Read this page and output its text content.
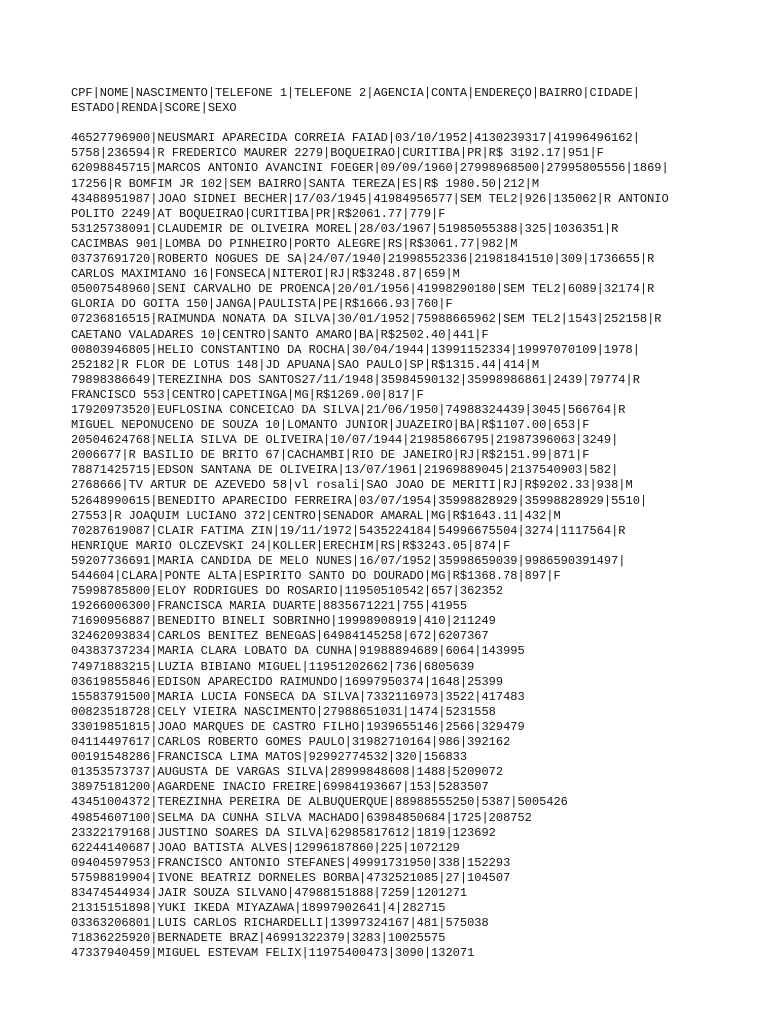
CPF|NOME|NASCIMENTO|TELEFONE 1|TELEFONE 2|AGENCIA|CONTA|ENDEREÇO|BAIRRO|CIDADE|
ESTADO|RENDA|SCORE|SEXO
46527796900|NEUSMARI APARECIDA CORREIA FAIAD|03/10/1952|4130239317|41996496162|
5758|236594|R FREDERICO MAURER 2279|BOQUEIRAO|CURITIBA|PR|R$ 3192.17|951|F
62098845715|MARCOS ANTONIO AVANCINI FOEGER|09/09/1960|27998968500|27995805556|1869|
17256|R BOMFIM JR 102|SEM BAIRRO|SANTA TEREZA|ES|R$ 1980.50|212|M
43488951987|JOAO SIDNEI BECHER|17/03/1945|41984956577|SEM TEL2|926|135062|R ANTONIO
POLITO 2249|AT BOQUEIRAO|CURITIBA|PR|R$2061.77|779|F
53125738091|CLAUDEMIR DE OLIVEIRA MOREL|28/03/1967|51985055388|325|1036351|R
CACIMBAS 901|LOMBA DO PINHEIRO|PORTO ALEGRE|RS|R$3061.77|982|M
03737691720|ROBERTO NOGUES DE SA|24/07/1940|21998552336|21981841510|309|1736655|R
CARLOS MAXIMIANO 16|FONSECA|NITEROI|RJ|R$3248.87|659|M
05007548960|SENI CARVALHO DE PROENCA|20/01/1956|41998290180|SEM TEL2|6089|32174|R
GLORIA DO GOITA 150|JANGA|PAULISTA|PE|R$1666.93|760|F
07236816515|RAIMUNDA NONATA DA SILVA|30/01/1952|75988665962|SEM TEL2|1543|252158|R
CAETANO VALADARES 10|CENTRO|SANTO AMARO|BA|R$2502.40|441|F
00803946805|HELIO CONSTANTINO DA ROCHA|30/04/1944|13991152334|19997070109|1978|
252182|R FLOR DE LOTUS 148|JD APUANA|SAO PAULO|SP|R$1315.44|414|M
79898386649|TEREZINHA DOS SANTOS27/11/1948|35984590132|35998986861|2439|79774|R
FRANCISCO 553|CENTRO|CAPETINGA|MG|R$1269.00|817|F
17920973520|EUFLOSINA CONCEICAO DA SILVA|21/06/1950|74988324439|3045|566764|R
MIGUEL NEPONUCENO DE SOUZA 10|LOMANTO JUNIOR|JUAZEIRO|BA|R$1107.00|653|F
20504624768|NELIA SILVA DE OLIVEIRA|10/07/1944|21985866795|21987396063|3249|
2006677|R BASILIO DE BRITO 67|CACHAMBI|RIO DE JANEIRO|RJ|R$2151.99|871|F
78871425715|EDSON SANTANA DE OLIVEIRA|13/07/1961|21969889045|2137540903|582|
2768666|TV ARTUR DE AZEVEDO 58|vl rosali|SAO JOAO DE MERITI|RJ|R$9202.33|938|M
52648990615|BENEDITO APARECIDO FERREIRA|03/07/1954|35998828929|35998828929|5510|
27553|R JOAQUIM LUCIANO 372|CENTRO|SENADOR AMARAL|MG|R$1643.11|432|M
70287619087|CLAIR FATIMA ZIN|19/11/1972|5435224184|54996675504|3274|1117564|R
HENRIQUE MARIO OLCZEVSKI 24|KOLLER|ERECHIM|RS|R$3243.05|874|F
59207736691|MARIA CANDIDA DE MELO NUNES|16/07/1952|35998659039|9986590391497|
544604|CLARA|PONTE ALTA|ESPIRITO SANTO DO DOURADO|MG|R$1368.78|897|F
75998785800|ELOY RODRIGUES DO ROSARIO|11950510542|657|362352
19266006300|FRANCISCA MARIA DUARTE|8835671221|755|41955
71690956887|BENEDITO BINELI SOBRINHO|19998908919|410|211249
32462093834|CARLOS BENITEZ BENEGAS|64984145258|672|6207367
04383737234|MARIA CLARA LOBATO DA CUNHA|91988894689|6064|143995
74971883215|LUZIA BIBIANO MIGUEL|11951202662|736|6805639
03619855846|EDISON APARECIDO RAIMUNDO|16997950374|1648|25399
15583791500|MARIA LUCIA FONSECA DA SILVA|7332116973|3522|417483
00823518728|CELY VIEIRA NASCIMENTO|27988651031|1474|5231558
33019851815|JOAO MARQUES DE CASTRO FILHO|1939655146|2566|329479
04114497617|CARLOS ROBERTO GOMES PAULO|31982710164|986|392162
00191548286|FRANCISCA LIMA MATOS|92992774532|320|156833
01353573737|AUGUSTA DE VARGAS SILVA|28999848608|1488|5209072
38975181200|AGARDENE INACIO FREIRE|69984193667|153|5283507
43451004372|TEREZINHA PEREIRA DE ALBUQUERQUE|88988555250|5387|5005426
49854607100|SELMA DA CUNHA SILVA MACHADO|63984850684|1725|208752
23322179168|JUSTINO SOARES DA SILVA|62985817612|1819|123692
62244140687|JOAO BATISTA ALVES|12996187860|225|1072129
09404597953|FRANCISCO ANTONIO STEFANES|49991731950|338|152293
57598819904|IVONE BEATRIZ DORNELES BORBA|4732521085|27|104507
83474544934|JAIR SOUZA SILVANO|47988151888|7259|1201271
21315151898|YUKI IKEDA MIYAZAWA|18997902641|4|282715
03363206801|LUIS CARLOS RICHARDELLI|13997324167|481|575038
71836225920|BERNADETE BRAZ|46991322379|3283|10025575
47337940459|MIGUEL ESTEVAM FELIX|11975400473|3090|132071
